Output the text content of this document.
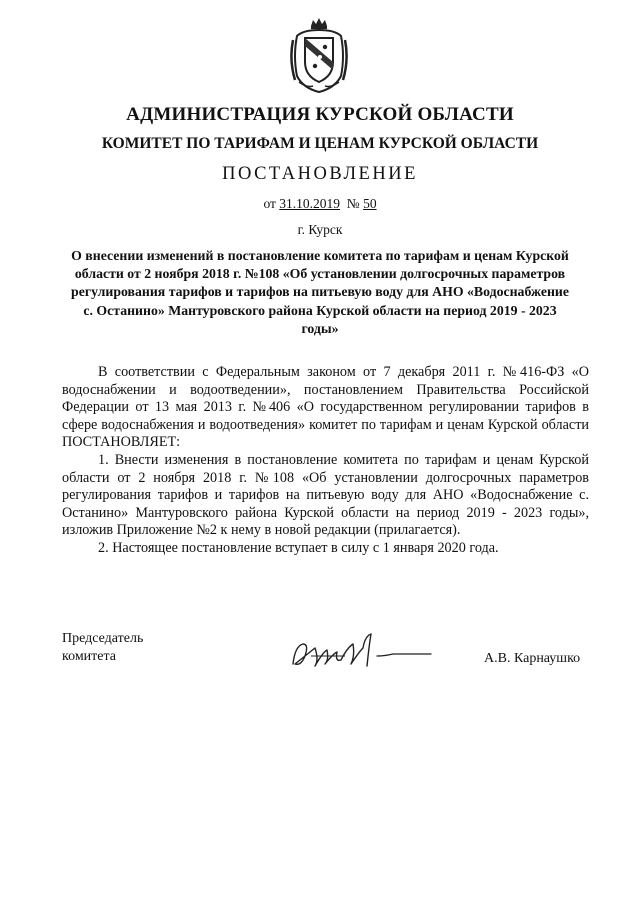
АДМИНИСТРАЦИЯ КУРСКОЙ ОБЛАСТИ
КОМИТЕТ ПО ТАРИФАМ И ЦЕНАМ КУРСКОЙ ОБЛАСТИ
ПОСТАНОВЛЕНИЕ
от 31.10.2019 № 50
г. Курск
О внесении изменений в постановление комитета по тарифам и ценам Курской области от 2 ноября 2018 г. №108 «Об установлении долгосрочных параметров регулирования тарифов и тарифов на питьевую воду для АНО «Водоснабжение с. Останино» Мантуровского района Курской области на период 2019 - 2023 годы»

В соответствии с Федеральным законом от 7 декабря 2011 г. №416-ФЗ «О водоснабжении и водоотведении», постановлением Правительства Российской Федерации от 13 мая 2013 г. №406 «О государственном регулировании тарифов в сфере водоснабжения и водоотведения» комитет по тарифам и ценам Курской области ПОСТАНОВЛЯЕТ:

1. Внести изменения в постановление комитета по тарифам и ценам Курской области от 2 ноября 2018 г. №108 «Об установлении долгосрочных параметров регулирования тарифов и тарифов на питьевую воду для АНО «Водоснабжение с. Останино» Мантуровского района Курской области на период 2019 - 2023 годы», изложив Приложение №2 к нему в новой редакции (прилагается).

2. Настоящее постановление вступает в силу с 1 января 2020 года.

Председатель
комитета	А.В. Карнаушко
